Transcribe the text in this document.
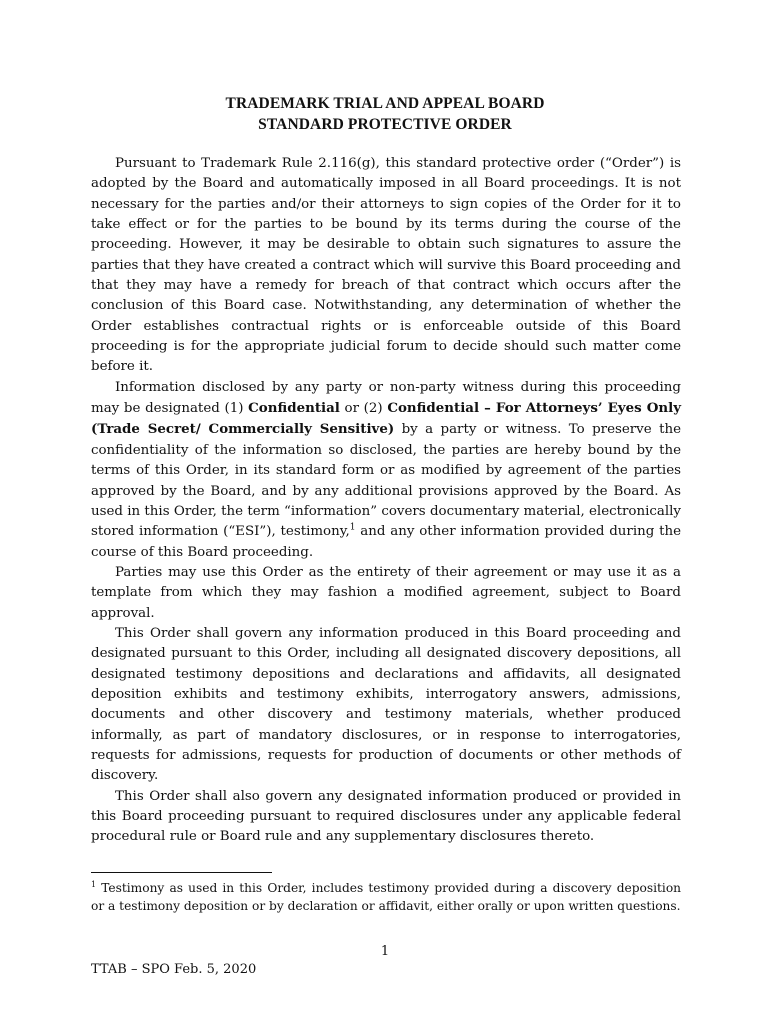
TRADEMARK TRIAL AND APPEAL BOARD
STANDARD PROTECTIVE ORDER

Pursuant to Trademark Rule 2.116(g), this standard protective order (“Order”) is adopted by the Board and automatically imposed in all Board proceedings. It is not necessary for the parties and/or their attorneys to sign copies of the Order for it to take effect or for the parties to be bound by its terms during the course of the proceeding. However, it may be desirable to obtain such signatures to assure the parties that they have created a contract which will survive this Board proceeding and that they may have a remedy for breach of that contract which occurs after the conclusion of this Board case. Notwithstanding, any determination of whether the Order establishes contractual rights or is enforceable outside of this Board proceeding is for the appropriate judicial forum to decide should such matter come before it.

Information disclosed by any party or non-party witness during this proceeding may be designated (1) Confidential or (2) Confidential – For Attorneys’ Eyes Only (Trade Secret/ Commercially Sensitive) by a party or witness. To preserve the confidentiality of the information so disclosed, the parties are hereby bound by the terms of this Order, in its standard form or as modified by agreement of the parties approved by the Board, and by any additional provisions approved by the Board. As used in this Order, the term “information” covers documentary material, electronically stored information (“ESI”), testimony,$^1$ and any other information provided during the course of this Board proceeding.

Parties may use this Order as the entirety of their agreement or may use it as a template from which they may fashion a modified agreement, subject to Board approval.

This Order shall govern any information produced in this Board proceeding and designated pursuant to this Order, including all designated discovery depositions, all designated testimony depositions and declarations and affidavits, all designated deposition exhibits and testimony exhibits, interrogatory answers, admissions, documents and other discovery and testimony materials, whether produced informally, as part of mandatory disclosures, or in response to interrogatories, requests for admissions, requests for production of documents or other methods of discovery.

This Order shall also govern any designated information produced or provided in this Board proceeding pursuant to required disclosures under any applicable federal procedural rule or Board rule and any supplementary disclosures thereto.

$^1$ Testimony as used in this Order, includes testimony provided during a discovery deposition or a testimony deposition or by declaration or affidavit, either orally or upon written questions.
1
TTAB – SPO Feb. 5, 2020
